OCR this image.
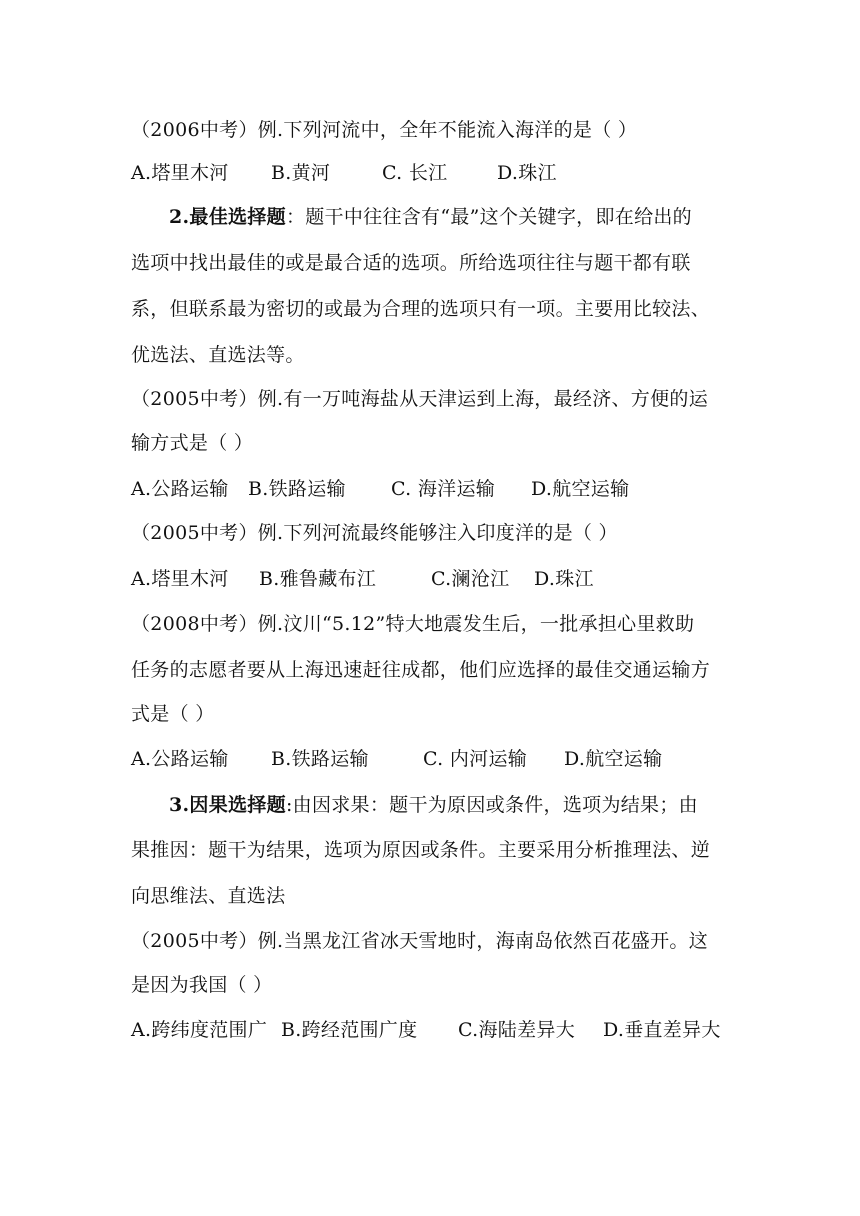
（2006中考）例.下列河流中，全年不能流入海洋的是（ ）
A.塔里木河 B.黄河	C. 长江	D.珠江
2.最佳选择题：题干中往往含有“最”这个关键字，即在给出的
选项中找出最佳的或是最合适的选项。所给选项往往与题干都有联
系，但联系最为密切的或最为合理的选项只有一项。主要用比较法、
优选法、直选法等。
（2005中考）例.有一万吨海盐从天津运到上海，最经济、方便的运
输方式是（ ）
A.公路运输 B.铁路运输 C. 海洋运输 D.航空运输
（2005中考）例.下列河流最终能够注入印度洋的是（ ）
A.塔里木河 B.雅鲁藏布江	C.澜沧江 D.珠江
（2008中考）例.汶川“5.12”特大地震发生后，一批承担心里救助
任务的志愿者要从上海迅速赶往成都，他们应选择的最佳交通运输方
式是（ ）
A.公路运输 B.铁路运输	C. 内河运输 D.航空运输
3.因果选择题:由因求果：题干为原因或条件，选项为结果；由
果推因：题干为结果，选项为原因或条件。主要采用分析推理法、逆
向思维法、直选法
（2005中考）例.当黑龙江省冰天雪地时，海南岛依然百花盛开。这
是因为我国（ ）
A.跨纬度范围广 B.跨经范围广度 C.海陆差异大 D.垂直差异大
